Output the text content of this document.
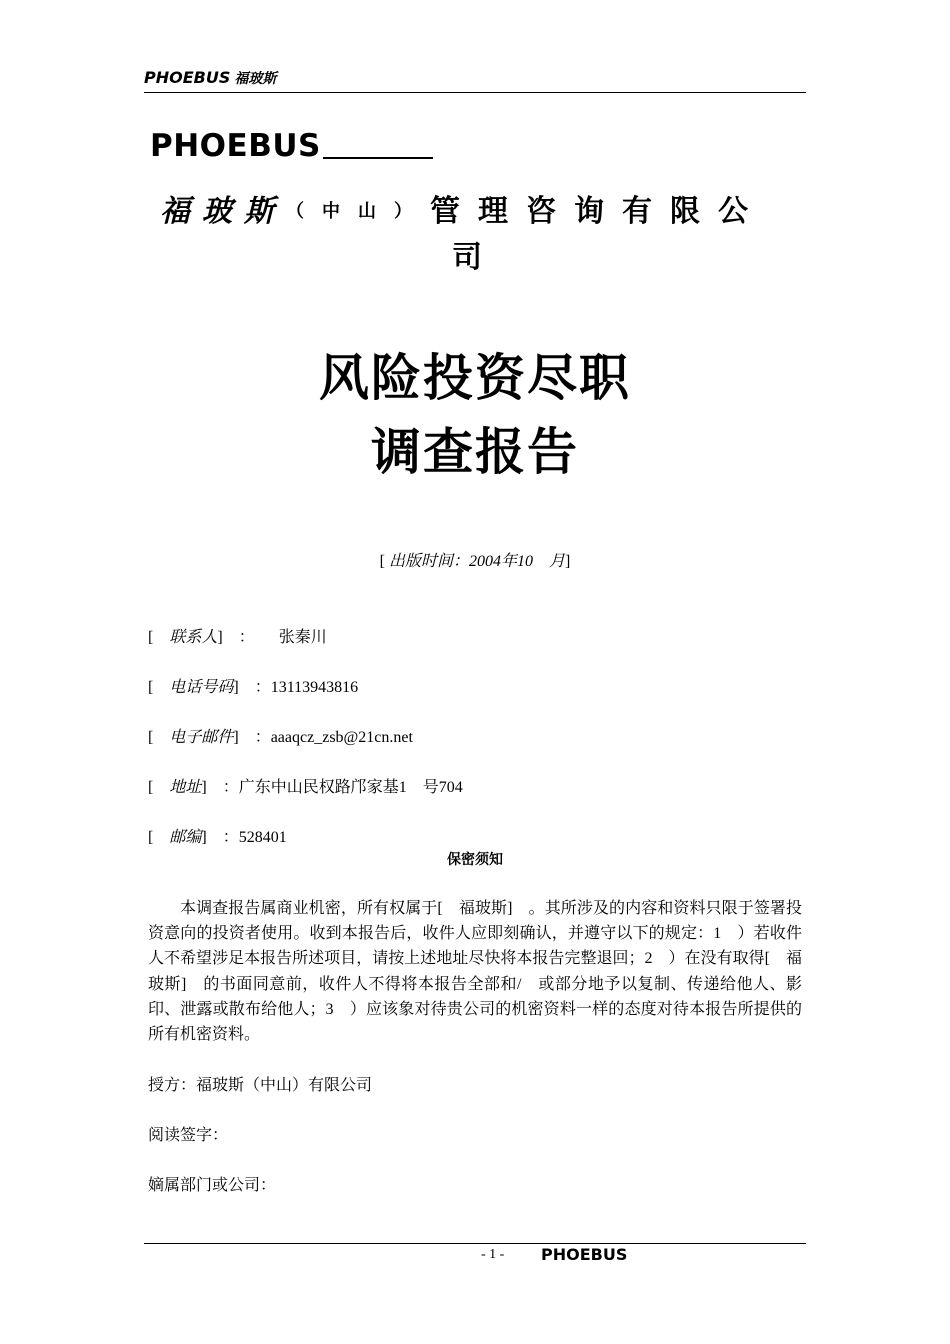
PHOEBUS 福玻斯
PHOEBUS
福玻斯（中山）管理咨询有限公
司
风险投资尽职
调查报告
[ 出版时间：2004年10　月]
[　联系人]　：　　张秦川
[　电话号码]　：13113943816
[　电子邮件]　：aaaqcz_zsb@21cn.net
[　地址]　：广东中山民权路邝家基1　号704
[　邮编]　：528401
保密须知
本调查报告属商业机密，所有权属于[　福玻斯]　。其所涉及的内容和资料只限于签署投资意向的投资者使用。收到本报告后，收件人应即刻确认，并遵守以下的规定：1　）若收件人不希望涉足本报告所述项目，请按上述地址尽快将本报告完整退回；2　）在没有取得[　福玻斯]　的书面同意前，收件人不得将本报告全部和/　或部分地予以复制、传递给他人、影印、泄露或散布给他人；3　）应该象对待贵公司的机密资料一样的态度对待本报告所提供的所有机密资料。
授方：福玻斯（中山）有限公司
阅读签字：
嫡属部门或公司：
- 1 - PHOEBUS
